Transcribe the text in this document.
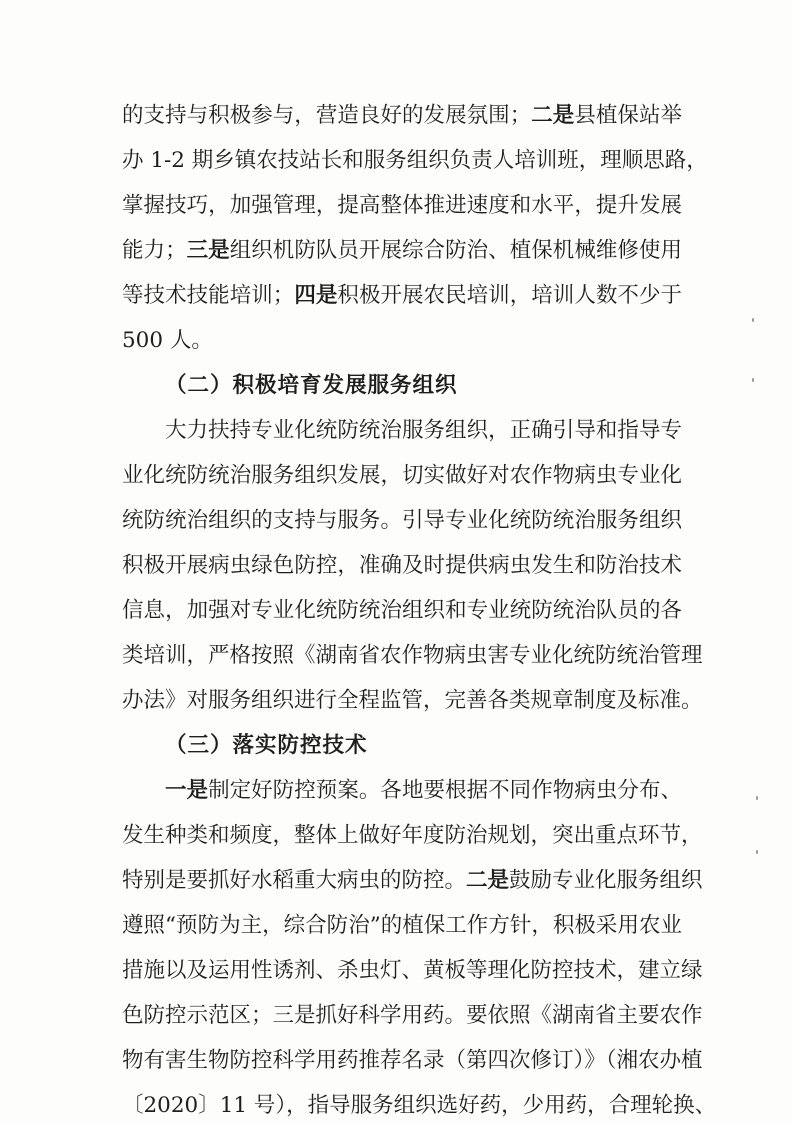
的支持与积极参与，营造良好的发展氛围；二是县植保站举
办 1-2 期乡镇农技站长和服务组织负责人培训班，理顺思路，
掌握技巧，加强管理，提高整体推进速度和水平，提升发展
能力；三是组织机防队员开展综合防治、植保机械维修使用
等技术技能培训；四是积极开展农民培训，培训人数不少于
500 人。
（二）积极培育发展服务组织
大力扶持专业化统防统治服务组织，正确引导和指导专
业化统防统治服务组织发展，切实做好对农作物病虫专业化
统防统治组织的支持与服务。引导专业化统防统治服务组织
积极开展病虫绿色防控，准确及时提供病虫发生和防治技术
信息，加强对专业化统防统治组织和专业统防统治队员的各
类培训，严格按照《湖南省农作物病虫害专业化统防统治管理
办法》对服务组织进行全程监管，完善各类规章制度及标准。
（三）落实防控技术
一是制定好防控预案。各地要根据不同作物病虫分布、
发生种类和频度，整体上做好年度防治规划，突出重点环节，
特别是要抓好水稻重大病虫的防控。二是鼓励专业化服务组织
遵照“预防为主，综合防治”的植保工作方针，积极采用农业
措施以及运用性诱剂、杀虫灯、黄板等理化防控技术，建立绿
色防控示范区；三是抓好科学用药。要依照《湖南省主要农作
物有害生物防控科学用药推荐名录（第四次修订）》（湘农办植
〔2020〕11 号），指导服务组织选好药，少用药，合理轮换、
